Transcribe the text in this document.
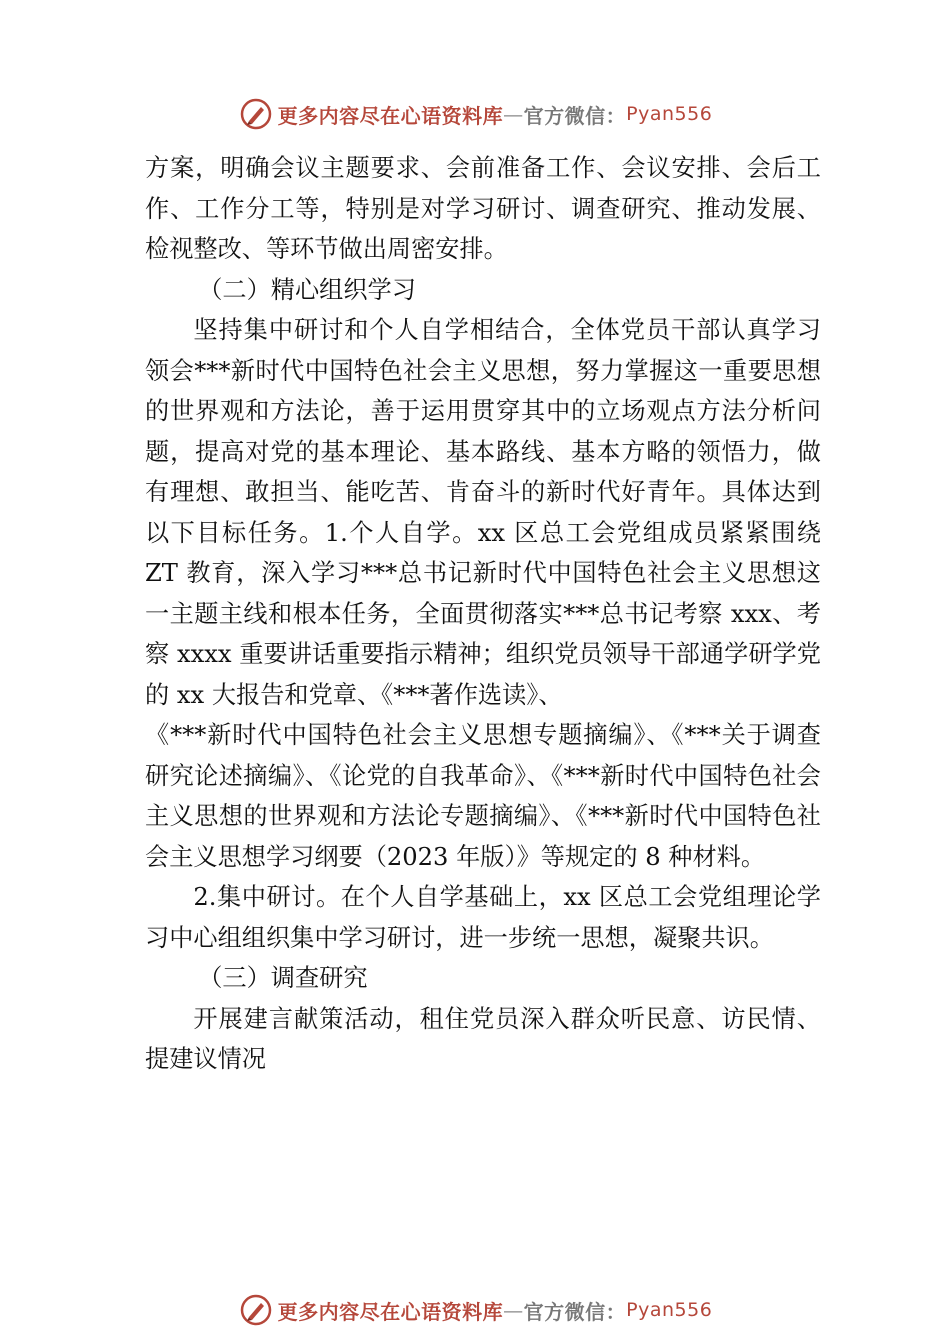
更多内容尽在心语资料库 — 官方微信： Pyan556

方案，明确会议主题要求、会前准备工作、会议安排、会后工作、工作分工等，特别是对学习研讨、调查研究、推动发展、检视整改、等环节做出周密安排。

（二）精心组织学习

坚持集中研讨和个人自学相结合，全体党员干部认真学习领会***新时代中国特色社会主义思想，努力掌握这一重要思想的世界观和方法论，善于运用贯穿其中的立场观点方法分析问题，提高对党的基本理论、基本路线、基本方略的领悟力，做有理想、敢担当、能吃苦、肯奋斗的新时代好青年。具体达到以下目标任务。1.个人自学。xx 区总工会党组成员紧紧围绕 ZT 教育，深入学习***总书记新时代中国特色社会主义思想这一主题主线和根本任务，全面贯彻落实***总书记考察 xxx、考察 xxxx 重要讲话重要指示精神；组织党员领导干部通学研学党的 xx 大报告和党章、《***著作选读》、

《***新时代中国特色社会主义思想专题摘编》、《***关于调查研究论述摘编》、《论党的自我革命》、《***新时代中国特色社会主义思想的世界观和方法论专题摘编》、《***新时代中国特色社会主义思想学习纲要（2023 年版）》等规定的 8 种材料。

2.集中研讨。在个人自学基础上，xx 区总工会党组理论学习中心组组织集中学习研讨，进一步统一思想，凝聚共识。

（三）调查研究

开展建言献策活动，租住党员深入群众听民意、访民情、提建议情况

更多内容尽在心语资料库 — 官方微信： Pyan556
